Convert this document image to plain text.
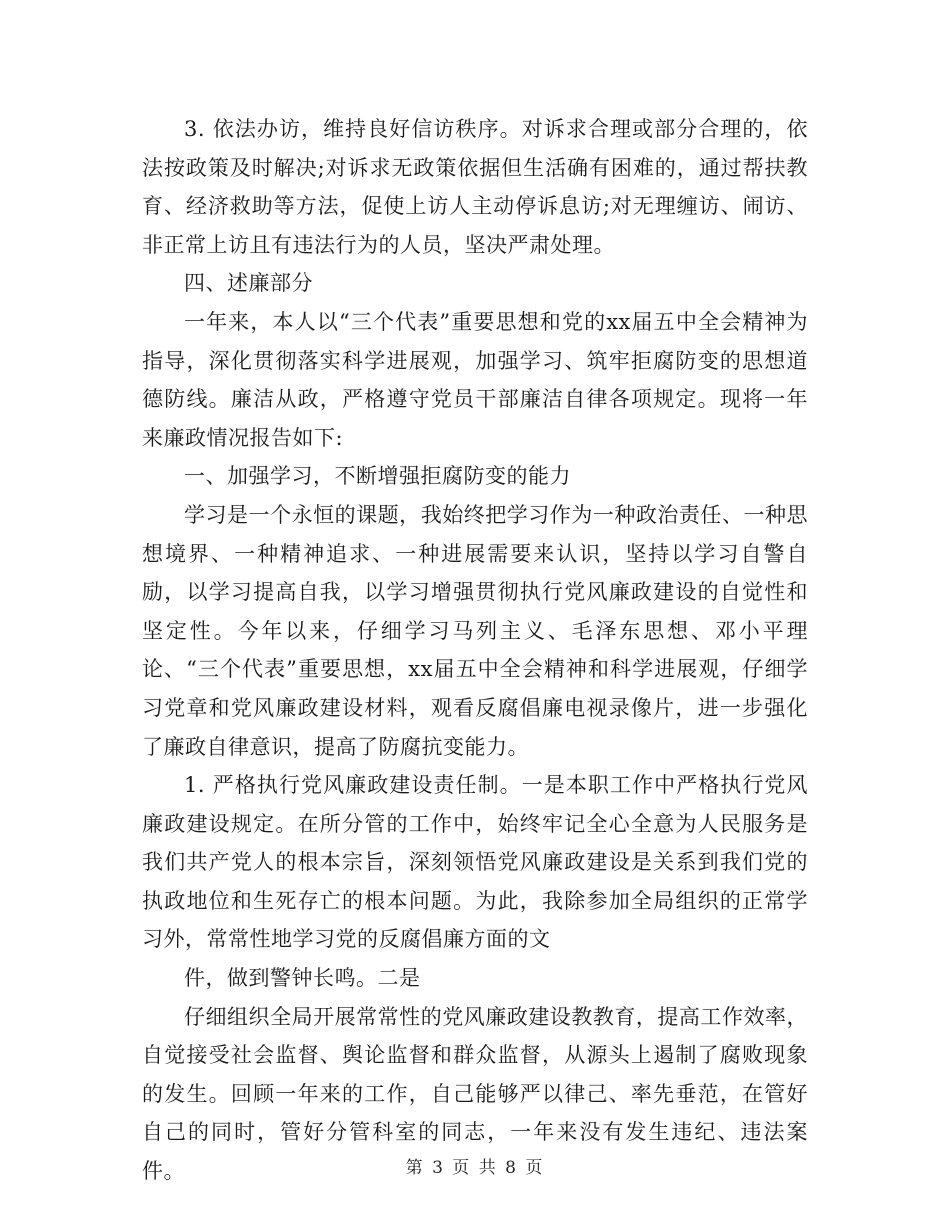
3. 依法办访，维持良好信访秩序。对诉求合理或部分合理的，依法按政策及时解决;对诉求无政策依据但生活确有困难的，通过帮扶教育、经济救助等方法，促使上访人主动停诉息访;对无理缠访、闹访、非正常上访且有违法行为的人员，坚决严肃处理。

四、述廉部分

一年来，本人以“三个代表”重要思想和党的xx届五中全会精神为指导，深化贯彻落实科学进展观，加强学习、筑牢拒腐防变的思想道德防线。廉洁从政，严格遵守党员干部廉洁自律各项规定。现将一年来廉政情况报告如下:

一、加强学习，不断增强拒腐防变的能力

学习是一个永恒的课题，我始终把学习作为一种政治责任、一种思想境界、一种精神追求、一种进展需要来认识，坚持以学习自警自励，以学习提高自我，以学习增强贯彻执行党风廉政建设的自觉性和坚定性。今年以来，仔细学习马列主义、毛泽东思想、邓小平理论、“三个代表”重要思想，xx届五中全会精神和科学进展观，仔细学习党章和党风廉政建设材料，观看反腐倡廉电视录像片，进一步强化了廉政自律意识，提高了防腐抗变能力。

1. 严格执行党风廉政建设责任制。一是本职工作中严格执行党风廉政建设规定。在所分管的工作中，始终牢记全心全意为人民服务是我们共产党人的根本宗旨，深刻领悟党风廉政建设是关系到我们党的执政地位和生死存亡的根本问题。为此，我除参加全局组织的正常学习外，常常性地学习党的反腐倡廉方面的文

件，做到警钟长鸣。二是

仔细组织全局开展常常性的党风廉政建设教教育，提高工作效率，自觉接受社会监督、舆论监督和群众监督，从源头上遏制了腐败现象的发生。回顾一年来的工作，自己能够严以律己、率先垂范，在管好自己的同时，管好分管科室的同志，一年来没有发生违纪、违法案件。	第 3 页 共 8 页
